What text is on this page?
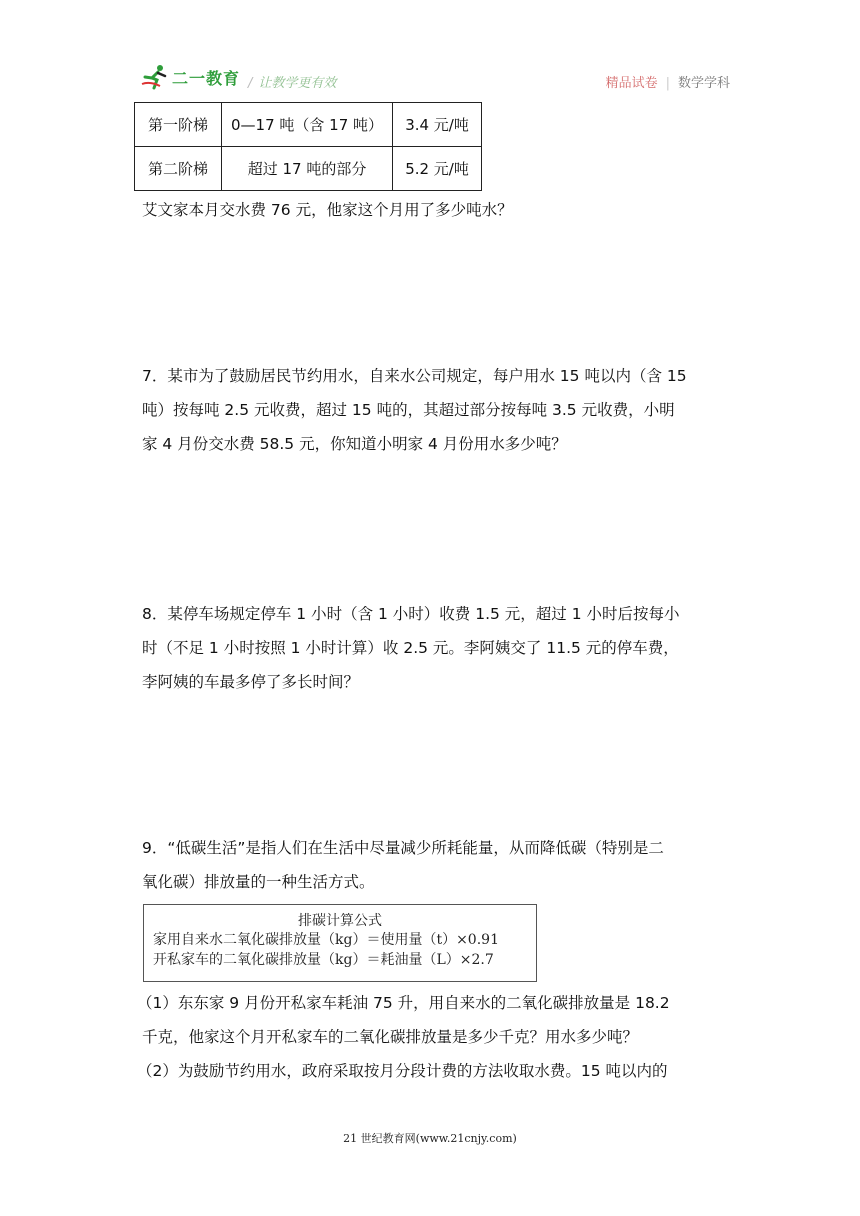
二一教育 / 让教学更有效	精品试卷 | 数学学科
第一阶梯	0—17 吨（含 17 吨）	3.4 元/吨
第二阶梯	超过 17 吨的部分	5.2 元/吨
艾文家本月交水费 76 元，他家这个月用了多少吨水？
7．某市为了鼓励居民节约用水，自来水公司规定，每户用水 15 吨以内（含 15
吨）按每吨 2.5 元收费，超过 15 吨的，其超过部分按每吨 3.5 元收费，小明
家 4 月份交水费 58.5 元，你知道小明家 4 月份用水多少吨？
8．某停车场规定停车 1 小时（含 1 小时）收费 1.5 元，超过 1 小时后按每小
时（不足 1 小时按照 1 小时计算）收 2.5 元。李阿姨交了 11.5 元的停车费，
李阿姨的车最多停了多长时间？
9．“低碳生活”是指人们在生活中尽量减少所耗能量，从而降低碳（特别是二
氧化碳）排放量的一种生活方式。
排碳计算公式
家用自来水二氧化碳排放量（kg）＝使用量（t）×0.91
开私家车的二氧化碳排放量（kg）＝耗油量（L）×2.7
（1）东东家 9 月份开私家车耗油 75 升，用自来水的二氧化碳排放量是 18.2
千克，他家这个月开私家车的二氧化碳排放量是多少千克？用水多少吨？
（2）为鼓励节约用水，政府采取按月分段计费的方法收取水费。15 吨以内的
21 世纪教育网(www.21cnjy.com)
